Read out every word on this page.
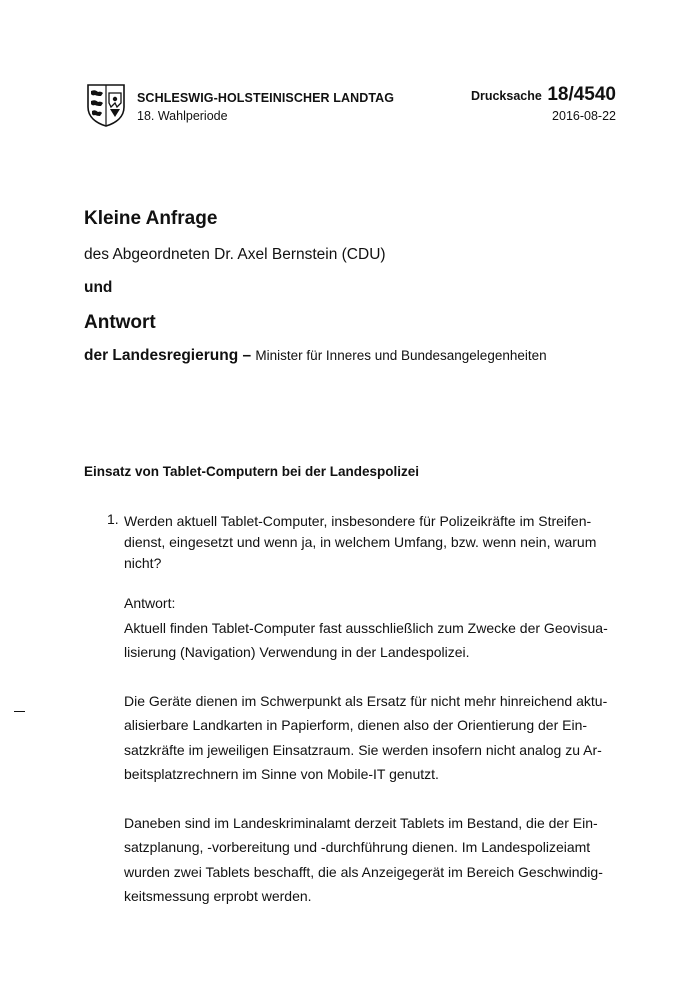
SCHLESWIG-HOLSTEINISCHER LANDTAG
18. Wahlperiode
Drucksache 18/4540
2016-08-22
Kleine Anfrage
des Abgeordneten Dr. Axel Bernstein (CDU)
und
Antwort
der Landesregierung – Minister für Inneres und Bundesangelegenheiten
Einsatz von Tablet-Computern bei der Landespolizei
1. Werden aktuell Tablet-Computer, insbesondere für Polizeikräfte im Streifen-
dienst, eingesetzt und wenn ja, in welchem Umfang, bzw. wenn nein, warum
nicht?

Antwort:

Aktuell finden Tablet-Computer fast ausschließlich zum Zwecke der Geovisua-
lisierung (Navigation) Verwendung in der Landespolizei.

Die Geräte dienen im Schwerpunkt als Ersatz für nicht mehr hinreichend aktu-
alisierbare Landkarten in Papierform, dienen also der Orientierung der Ein-
satzkräfte im jeweiligen Einsatzraum. Sie werden insofern nicht analog zu Ar-
beitsplatzrechnern im Sinne von Mobile-IT genutzt.

Daneben sind im Landeskriminalamt derzeit Tablets im Bestand, die der Ein-
satzplanung, -vorbereitung und -durchführung dienen. Im Landespolizeiamt
wurden zwei Tablets beschafft, die als Anzeigegerät im Bereich Geschwindig-
keitsmessung erprobt werden.
